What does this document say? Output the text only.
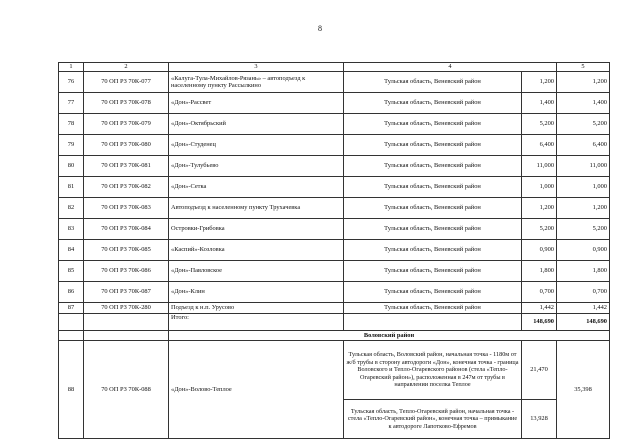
8
1	2	3	4		5
76	70 ОП РЗ 70К-077	«Калуга-Тула-Михайлов-Рязань» – автоподъезд к населенному пункту Рассылкино	Тульская область, Веневский район	1,200	1,200
77	70 ОП РЗ 70К-078	«Дон»-Рассвет	Тульская область, Веневский район	1,400	1,400
78	70 ОП РЗ 70К-079	«Дон»-Октябрьский	Тульская область, Веневский район	5,200	5,200
79	70 ОП РЗ 70К-080	«Дон»-Студенец	Тульская область, Веневский район	6,400	6,400
80	70 ОП РЗ 70К-081	«Дон»-Тулубьево	Тульская область, Веневский район	11,000	11,000
81	70 ОП РЗ 70К-082	«Дон»-Сетка	Тульская область, Веневский район	1,000	1,000
82	70 ОП РЗ 70К-083	Автоподъезд к населенному пункту Трухачевка	Тульская область, Веневский район	1,200	1,200
83	70 ОП РЗ 70К-084	Островки-Грибовка	Тульская область, Веневский район	5,200	5,200
84	70 ОП РЗ 70К-085	«Каспий»-Козловка	Тульская область, Веневский район	0,900	0,900
85	70 ОП РЗ 70К-086	«Дон»-Павловское	Тульская область, Веневский район	1,800	1,800
86	70 ОП РЗ 70К-087	«Дон»-Клин	Тульская область, Веневский район	0,700	0,700
87	70 ОП РЗ 70К-280	Подъезд к н.п. Урусово	Тульская область, Веневский район	1,442	1,442
		Итого:		148,690	148,690
		Воловский район			
88	70 ОП РЗ 70К-088	«Дон»-Волово-Теплое	Тульская область, Воловский район, начальная точка - 1180м от ж/б трубы в сторону автодороги «Дон», конечная точка - граница Воловского и Тепло-Огаревского районов (стела «Тепло-Огаревский район»), расположенная в 247м от трубы в направлении поселка Теплое	21,470	35,398
			Тульская область, Тепло-Огаревский район, начальная точка - стела «Тепло-Огаревский район», конечная точка – примыкание к автодороге Лапотково-Ефремов	13,928	
